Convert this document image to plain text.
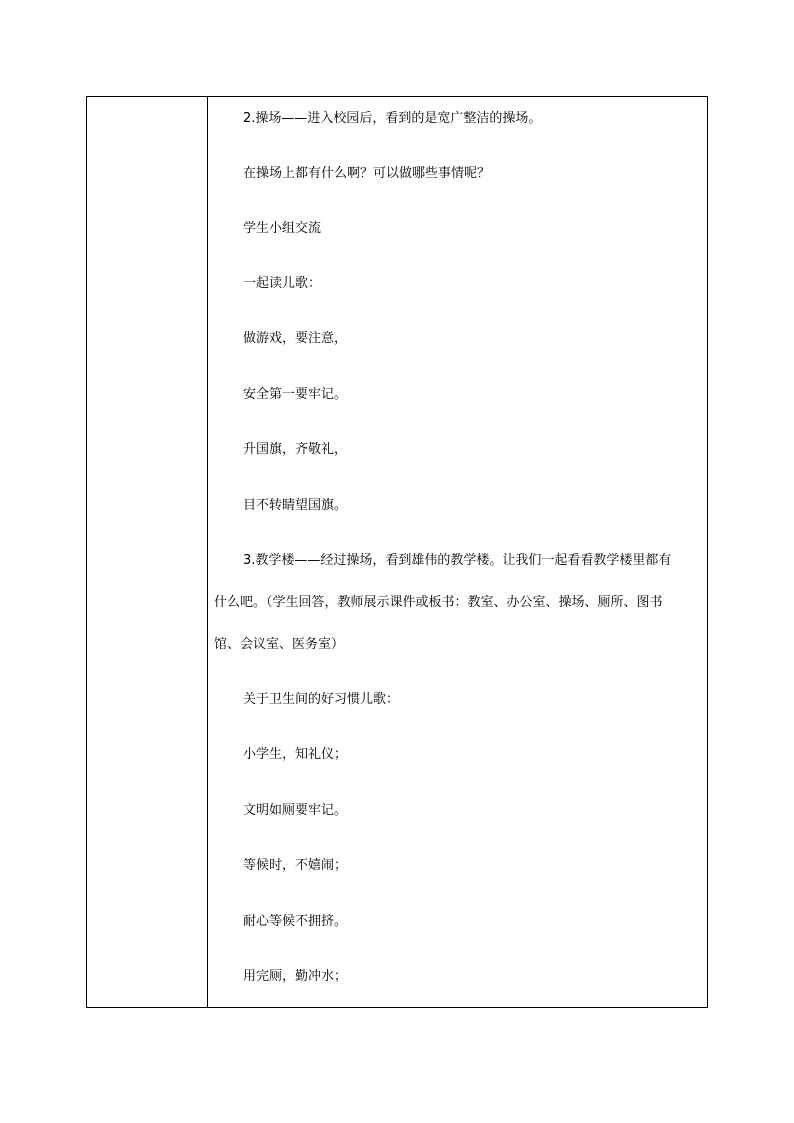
2.操场——进入校园后，看到的是宽广整洁的操场。
在操场上都有什么啊？可以做哪些事情呢？
学生小组交流
一起读儿歌：
做游戏，要注意，
安全第一要牢记。
升国旗，齐敬礼，
目不转睛望国旗。
3.教学楼——经过操场，看到雄伟的教学楼。让我们一起看看教学楼里都有
什么吧。（学生回答，教师展示课件或板书：教室、办公室、操场、厕所、图书
馆、会议室、医务室）
关于卫生间的好习惯儿歌：
小学生，知礼仪；
文明如厕要牢记。
等候时，不嬉闹；
耐心等候不拥挤。
用完厕，勤冲水；
